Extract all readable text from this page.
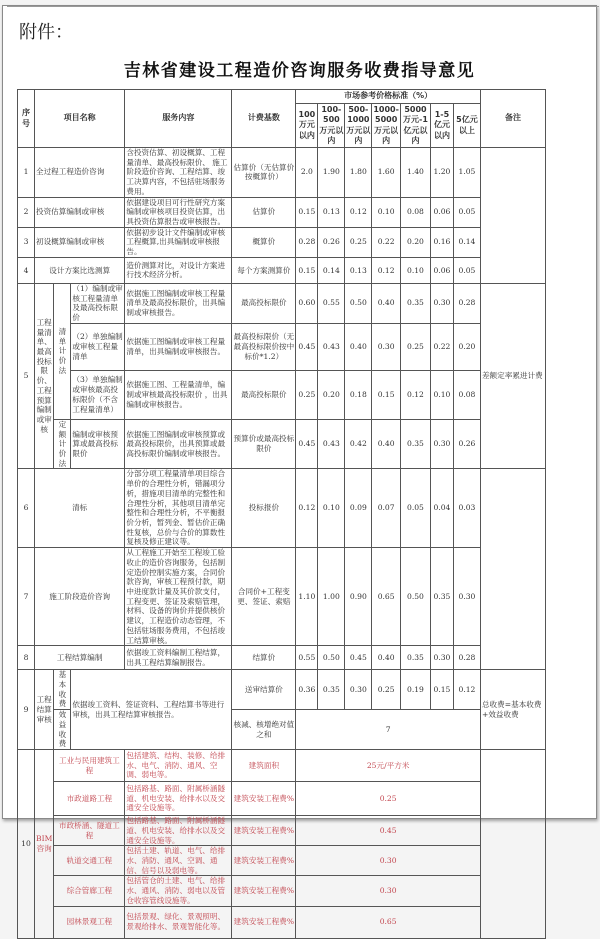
附件：
吉林省建设工程造价咨询服务收费指导意见
序号	项目名称			服务内容	计费基数	市场参考价格标准（%）							备注
						100万元以内	100-500万元以内	500-1000万元以内	1000-5000万元以内	5000万元-1亿元以内	1-5亿元以内	5亿元以上	
1	全过程工程造价咨询			含投资估算、初设概算、工程量清单、最高投标限价、 施工阶段造价咨询、工程结算、竣工决算内容，不包括驻场服务费用。	估算价（无估算价按概算价）	2.0	1.90	1.80	1.60	1.40	1.20	1.05	
2	投资估算编制或审核			依据建设项目可行性研究方案编制或审核项目投资估算，出具投资估算报告或审核报告。	估算价	0.15	0.13	0.12	0.10	0.08	0.06	0.05	
3	初设概算编制或审核			依据初步设计文件编制或审核工程概算,出具编制或审核报告。	概算价	0.28	0.26	0.25	0.22	0.20	0.16	0.14	
4	设计方案比选测算			造价测算对比，对设计方案进行技术经济分析。	每个方案测算价	0.15	0.14	0.13	0.12	0.10	0.06	0.05	
5	工程量清单、最高投标限价、工程预算编制或审核	清单计价法	（1）编制或审核工程量清单及最高投标限价	依据施工图编制或审核工程量清单及最高投标限价，出具编制或审核报告。	最高投标限价	0.60	0.55	0.50	0.40	0.35	0.30	0.28	差额定率累进计费
			（2）单独编制或审核工程量清单	依据施工图编制或审核工程量清单，出具编制或审核报告。	最高投标限价（无最高投标限价按中标价*1.2）	0.45	0.43	0.40	0.30	0.25	0.22	0.20	
			（3）单独编制或审核最高投标限价（不含工程量清单）	依据施工图、工程量清单，编制或审核最高投标限价 ，出具编制或审核报告。	最高投标限价	0.25	0.20	0.18	0.15	0.12	0.10	0.08	
		定额计价法	编制或审核预算或最高投标限价	依据施工图编制或审核预算或最高投标限价，出具预算或最高投标限价编制或审核报告。	预算价或最高投标限价	0.45	0.43	0.42	0.40	0.35	0.30	0.26	
6	清标			分部分项工程量清单项目综合单价的合理性分析，错漏项分析，措施项目清单的完整性和合理性分析，其他项目清单完整性和合理性分析，不平衡报价分析，暂列金、暂估价正确性复核，总价与合价的算数性复核及修正建议等。	投标报价	0.12	0.10	0.09	0.07	0.05	0.04	0.03	
7	施工阶段造价咨询			从工程施工开始至工程竣工验收止的造价咨询服务，包括制定造价控制实施方案，合同价款咨询，审核工程预付款，期中进度款计量及其价款支付，工程变更、签证及索赔管理，材料、设备的询价并提供核价建议，工程造价动态管理，不包括驻场服务费用，不包括竣工结算审核。	合同价+工程变更、签证、索赔	1.10	1.00	0.90	0.65	0.50	0.35	0.30	
8	工程结算编制			依据竣工资料编制工程结算，出具工程结算编制报告。	结算价	0.55	0.50	0.45	0.40	0.35	0.30	0.28	
9	工程结算审核	基本收费	依据竣工资料、签证资料、工程结算书等进行审核，出具工程结算审核报告。		送审结算价	0.36	0.35	0.30	0.25	0.19	0.15	0.12	总收费=基本收费+效益收费
		效益收费			核减、核增绝对值之和	7							
10	BIM咨询	工业与民用建筑工程		包括建筑、结构、装修、给排水、电气、消防、通风、空调、弱电等。	建筑面积	25元/平方米							
		市政道路工程		包括路基、路面、附属桥涵隧道、机电安装、给排水以及交通安全设施等。	建筑安装工程费%	0.25							
		市政桥涵、隧道工程		包括路基、路面、附属桥涵隧道、机电安装、给排水以及交通安全设施等。	建筑安装工程费%	0.45							
		轨道交通工程		包括土建、轨道、电气、给排水、消防、通风、空调、通信、信号以及弱电等。	建筑安装工程费%	0.30							
		综合管廊工程		包括管仓的土建、电气、给排水、通风、消防、弱电以及管仓收容管线设施等。	建筑安装工程费%	0.30							
		园林景观工程		包括景观、绿化、景观照明、景观给排水、景观智能化等。	建筑安装工程费%	0.65							
